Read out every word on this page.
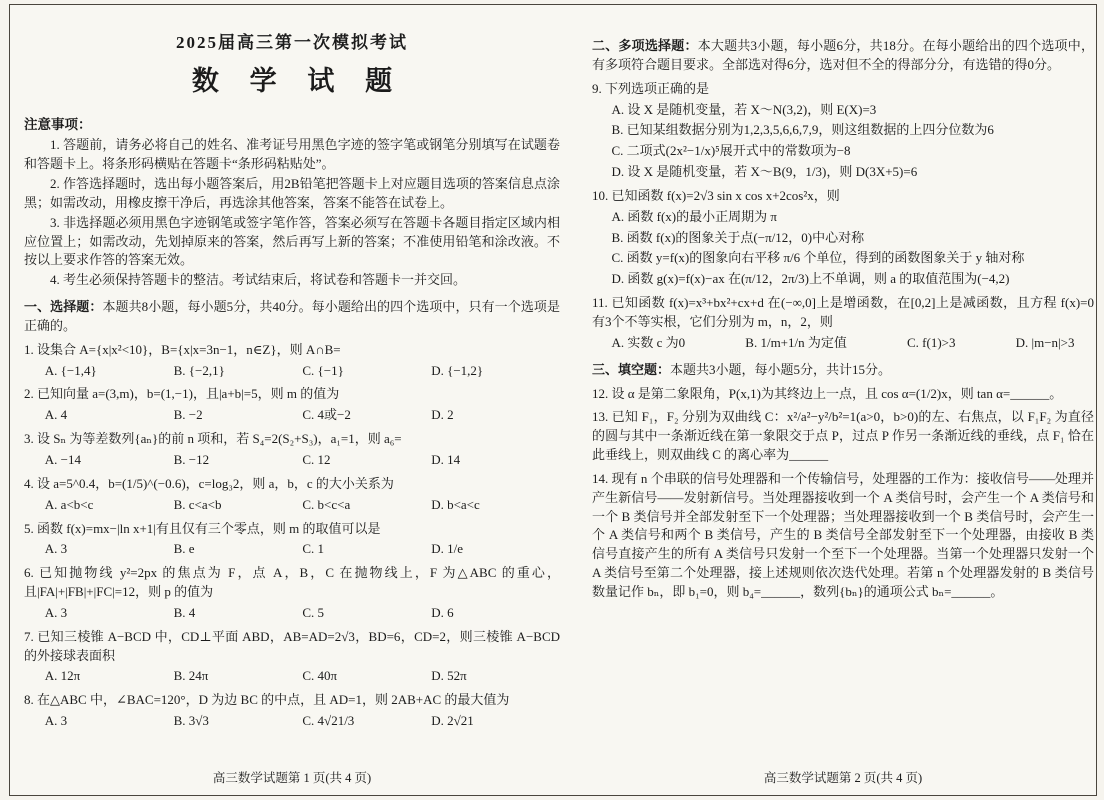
2025届高三第一次模拟考试
数 学 试 题
注意事项：

1. 答题前，请务必将自己的姓名、准考证号用黑色字迹的签字笔或钢笔分别填写在试题卷和答题卡上。将条形码横贴在答题卡“条形码粘贴处”。

2. 作答选择题时，选出每小题答案后，用2B铅笔把答题卡上对应题目选项的答案信息点涂黑；如需改动，用橡皮擦干净后，再选涂其他答案，答案不能答在试卷上。

3. 非选择题必须用黑色字迹钢笔或签字笔作答，答案必须写在答题卡各题目指定区域内相应位置上；如需改动，先划掉原来的答案，然后再写上新的答案；不准使用铅笔和涂改液。不按以上要求作答的答案无效。

4. 考生必须保持答题卡的整洁。考试结束后，将试卷和答题卡一并交回。

一、选择题：本题共8小题，每小题5分，共40分。每小题给出的四个选项中，只有一个选项是正确的。

1. 设集合 A={x|x²<10}，B={x|x=3n−1，n∈Z}，则 A∩B=
A. {−1,4}	B. {−2,1}	C. {−1}	D. {−1,2}
2. 已知向量 a=(3,m)，b=(1,−1)，且|a+b|=5，则 m 的值为
A. 4	B. −2	C. 4或−2	D. 2
3. 设 Sₙ 为等差数列{aₙ}的前 n 项和，若 S₄=2(S₂+S₃)，a₁=1，则 a₆=
A. −14	B. −12	C. 12	D. 14
4. 设 a=5^0.4，b=(1/5)^(−0.6)，c=log₃2，则 a，b，c 的大小关系为
A. a<b<c	B. c<a<b	C. b<c<a	D. b<a<c
5. 函数 f(x)=mx−|ln x+1|有且仅有三个零点，则 m 的取值可以是
A. 3	B. e	C. 1	D. 1/e
6. 已知抛物线 y²=2px 的焦点为 F，点 A，B，C 在抛物线上，F 为△ABC 的重心，且|FA|+|FB|+|FC|=12，则 p 的值为
A. 3	B. 4	C. 5	D. 6
7. 已知三棱锥 A−BCD 中，CD⊥平面 ABD，AB=AD=2√3，BD=6，CD=2，则三棱锥 A−BCD 的外接球表面积
A. 12π	B. 24π	C. 40π	D. 52π
8. 在△ABC 中，∠BAC=120°，D 为边 BC 的中点，且 AD=1，则 2AB+AC 的最大值为
A. 3	B. 3√3	C. 4√21/3	D. 2√21
高三数学试题第 1 页(共 4 页)

二、多项选择题：本大题共3小题，每小题6分，共18分。在每小题给出的四个选项中，有多项符合题目要求。全部选对得6分，选对但不全的得部分分，有选错的得0分。

9. 下列选项正确的是
A. 设 X 是随机变量，若 X～N(3,2)，则 E(X)=3
B. 已知某组数据分别为1,2,3,5,6,6,7,9，则这组数据的上四分位数为6
C. 二项式(2x²−1/x)⁵展开式中的常数项为−8
D. 设 X 是随机变量，若 X～B(9，1/3)，则 D(3X+5)=6
10. 已知函数 f(x)=2√3 sin x cos x+2cos²x，则
A. 函数 f(x)的最小正周期为 π
B. 函数 f(x)的图象关于点(−π/12，0)中心对称
C. 函数 y=f(x)的图象向右平移 π/6 个单位，得到的函数图象关于 y 轴对称
D. 函数 g(x)=f(x)−ax 在(π/12，2π/3)上不单调，则 a 的取值范围为(−4,2)
11. 已知函数 f(x)=x³+bx²+cx+d 在(−∞,0]上是增函数，在[0,2]上是减函数，且方程 f(x)=0 有3个不等实根，它们分别为 m，n，2，则
A. 实数 c 为0	B. 1/m+1/n 为定值	C. f(1)>3	D. |m−n|>3

三、填空题：本题共3小题，每小题5分，共计15分。

12. 设 α 是第二象限角，P(x,1)为其终边上一点，且 cos α=(1/2)x，则 tan α=______。
13. 已知 F₁，F₂ 分别为双曲线 C：x²/a²−y²/b²=1(a>0，b>0)的左、右焦点，以 F₁F₂ 为直径的圆与其中一条渐近线在第一象限交于点 P，过点 P 作另一条渐近线的垂线，点 F₁ 恰在此垂线上，则双曲线 C 的离心率为______
14. 现有 n 个串联的信号处理器和一个传输信号，处理器的工作为：接收信号——处理并产生新信号——发射新信号。当处理器接收到一个 A 类信号时，会产生一个 A 类信号和一个 B 类信号并全部发射至下一个处理器；当处理器接收到一个 B 类信号时，会产生一个 A 类信号和两个 B 类信号，产生的 B 类信号全部发射至下一个处理器，由接收 B 类信号直接产生的所有 A 类信号只发射一个至下一个处理器。当第一个处理器只发射一个 A 类信号至第二个处理器，接上述规则依次迭代处理。若第 n 个处理器发射的 B 类信号数量记作 bₙ，即 b₁=0，则 b₄=______，数列{bₙ}的通项公式 bₙ=______。
高三数学试题第 2 页(共 4 页)
